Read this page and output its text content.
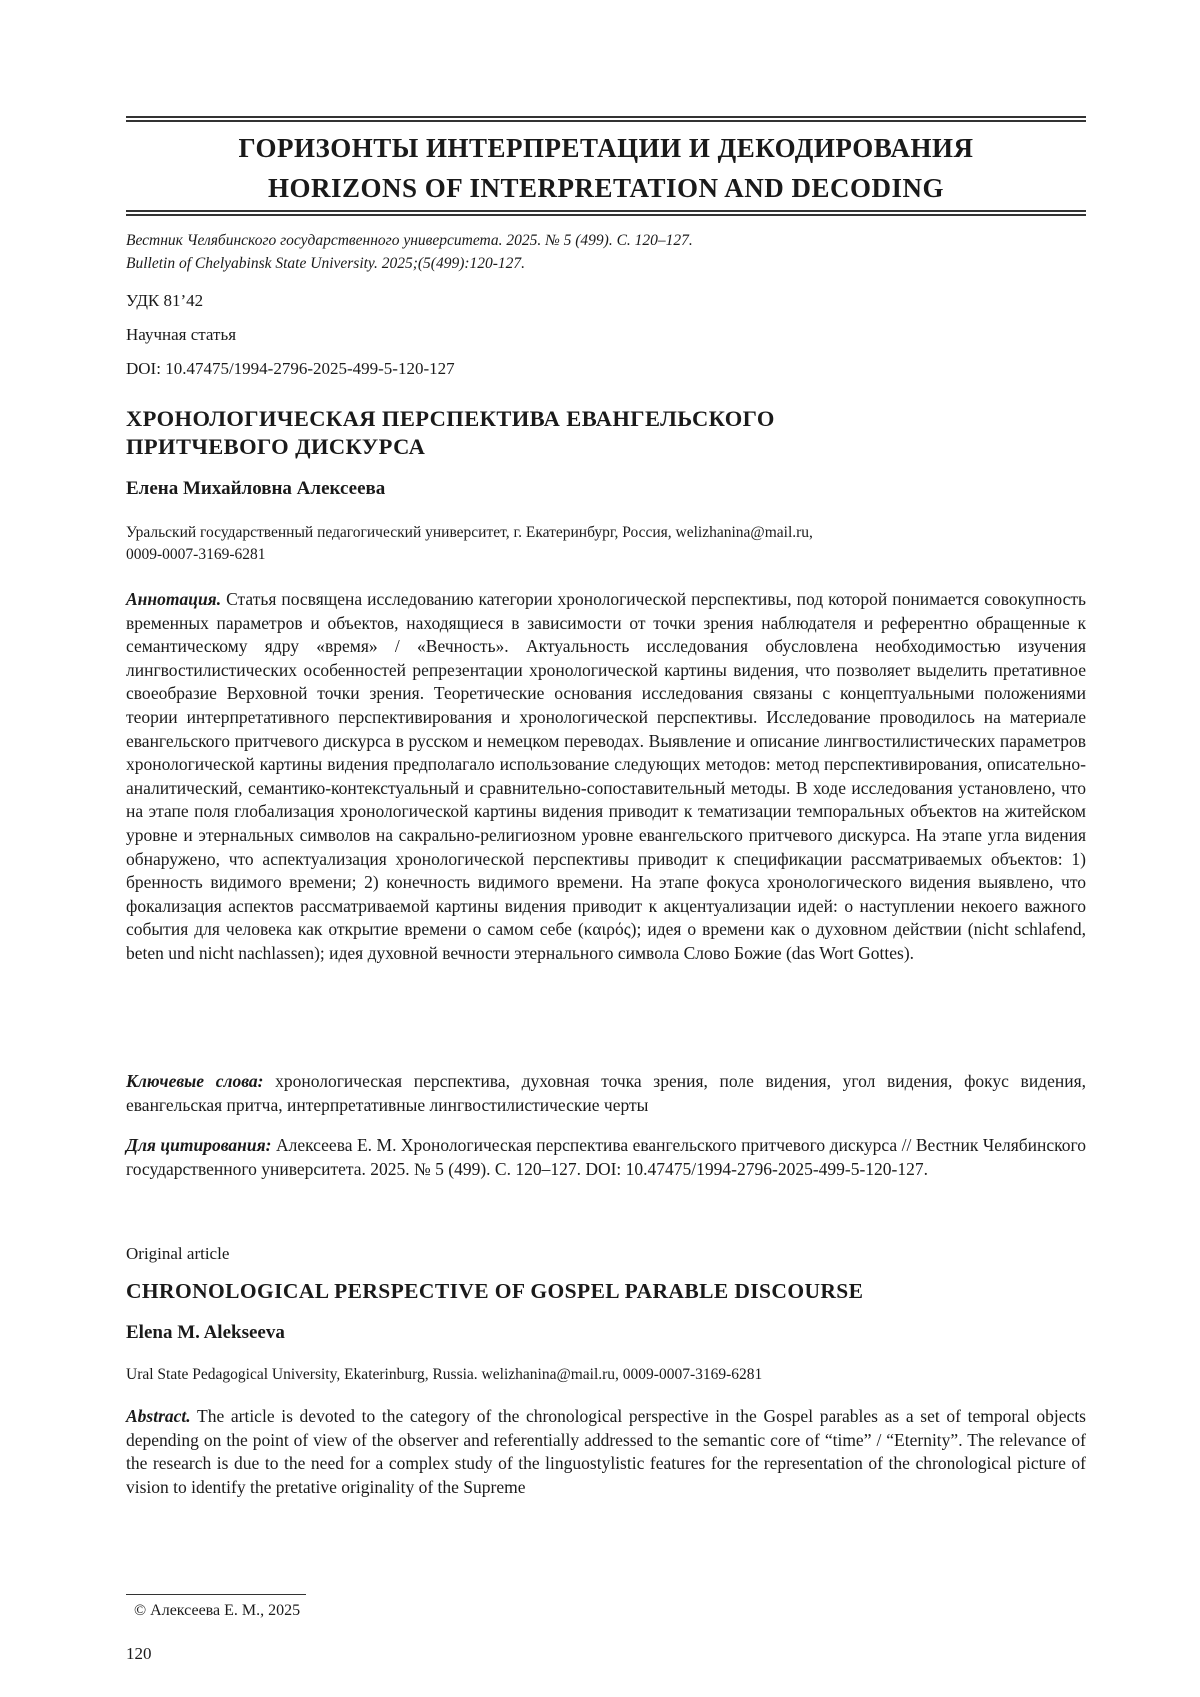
ГОРИЗОНТЫ ИНТЕРПРЕТАЦИИ И ДЕКОДИРОВАНИЯ
HORIZONS OF INTERPRETATION AND DECODING
Вестник Челябинского государственного университета. 2025. № 5 (499). С. 120–127.
Bulletin of Chelyabinsk State University. 2025;(5(499):120-127.
УДК 81’42
Научная статья
DOI: 10.47475/1994-2796-2025-499-5-120-127
ХРОНОЛОГИЧЕСКАЯ ПЕРСПЕКТИВА ЕВАНГЕЛЬСКОГО
ПРИТЧЕВОГО ДИСКУРСА
Елена Михайловна Алексеева
Уральский государственный педагогический университет, г. Екатеринбург, Россия, welizhanina@mail.ru,
0009-0007-3169-6281
Аннотация. Статья посвящена исследованию категории хронологической перспективы, под которой понимается совокупность временных параметров и объектов, находящиеся в зависимости от точки зрения наблюдателя и референтно обращенные к семантическому ядру «время» / «Вечность». Актуальность исследования обусловлена необходимостью изучения лингвостилистических особенностей репрезентации хронологической картины видения, что позволяет выделить претативное своеобразие Верховной точки зрения. Теоретические основания исследования связаны с концептуальными положениями теории интерпретативного перспективирования и хронологической перспективы. Исследование проводилось на материале евангельского притчевого дискурса в русском и немецком переводах. Выявление и описание лингвостилистических параметров хронологической картины видения предполагало использование следующих методов: метод перспективирования, описательно-аналитический, семантико-контекстуальный и сравнительно-сопоставительный методы. В ходе исследования установлено, что на этапе поля глобализация хронологической картины видения приводит к тематизации темпоральных объектов на житейском уровне и этернальных символов на сакрально-религиозном уровне евангельского притчевого дискурса. На этапе угла видения обнаружено, что аспектуализация хронологической перспективы приводит к спецификации рассматриваемых объектов: 1) бренность видимого времени; 2) конечность видимого времени. На этапе фокуса хронологического видения выявлено, что фокализация аспектов рассматриваемой картины видения приводит к акцентуализации идей: о наступлении некоего важного события для человека как открытие времени о самом себе (καιρός); идея о времени как о духовном действии (nicht schlafend, beten und nicht nachlassen); идея духовной вечности этернального символа Слово Божие (das Wort Gottes).
Ключевые слова: хронологическая перспектива, духовная точка зрения, поле видения, угол видения, фокус видения, евангельская притча, интерпретативные лингвостилистические черты
Для цитирования: Алексеева Е. М. Хронологическая перспектива евангельского притчевого дискурса // Вестник Челябинского государственного университета. 2025. № 5 (499). С. 120–127. DOI: 10.47475/1994-2796-2025-499-5-120-127.
Original article
CHRONOLOGICAL PERSPECTIVE OF GOSPEL PARABLE DISCOURSE
Elena M. Alekseeva
Ural State Pedagogical University, Ekaterinburg, Russia. welizhanina@mail.ru, 0009-0007-3169-6281
Abstract. The article is devoted to the category of the chronological perspective in the Gospel parables as a set of temporal objects depending on the point of view of the observer and referentially addressed to the semantic core of “time” / “Eternity”. The relevance of the research is due to the need for a complex study of the linguostylistic features for the representation of the chronological picture of vision to identify the pretative originality of the Supreme
© Алексеева Е. М., 2025
120
